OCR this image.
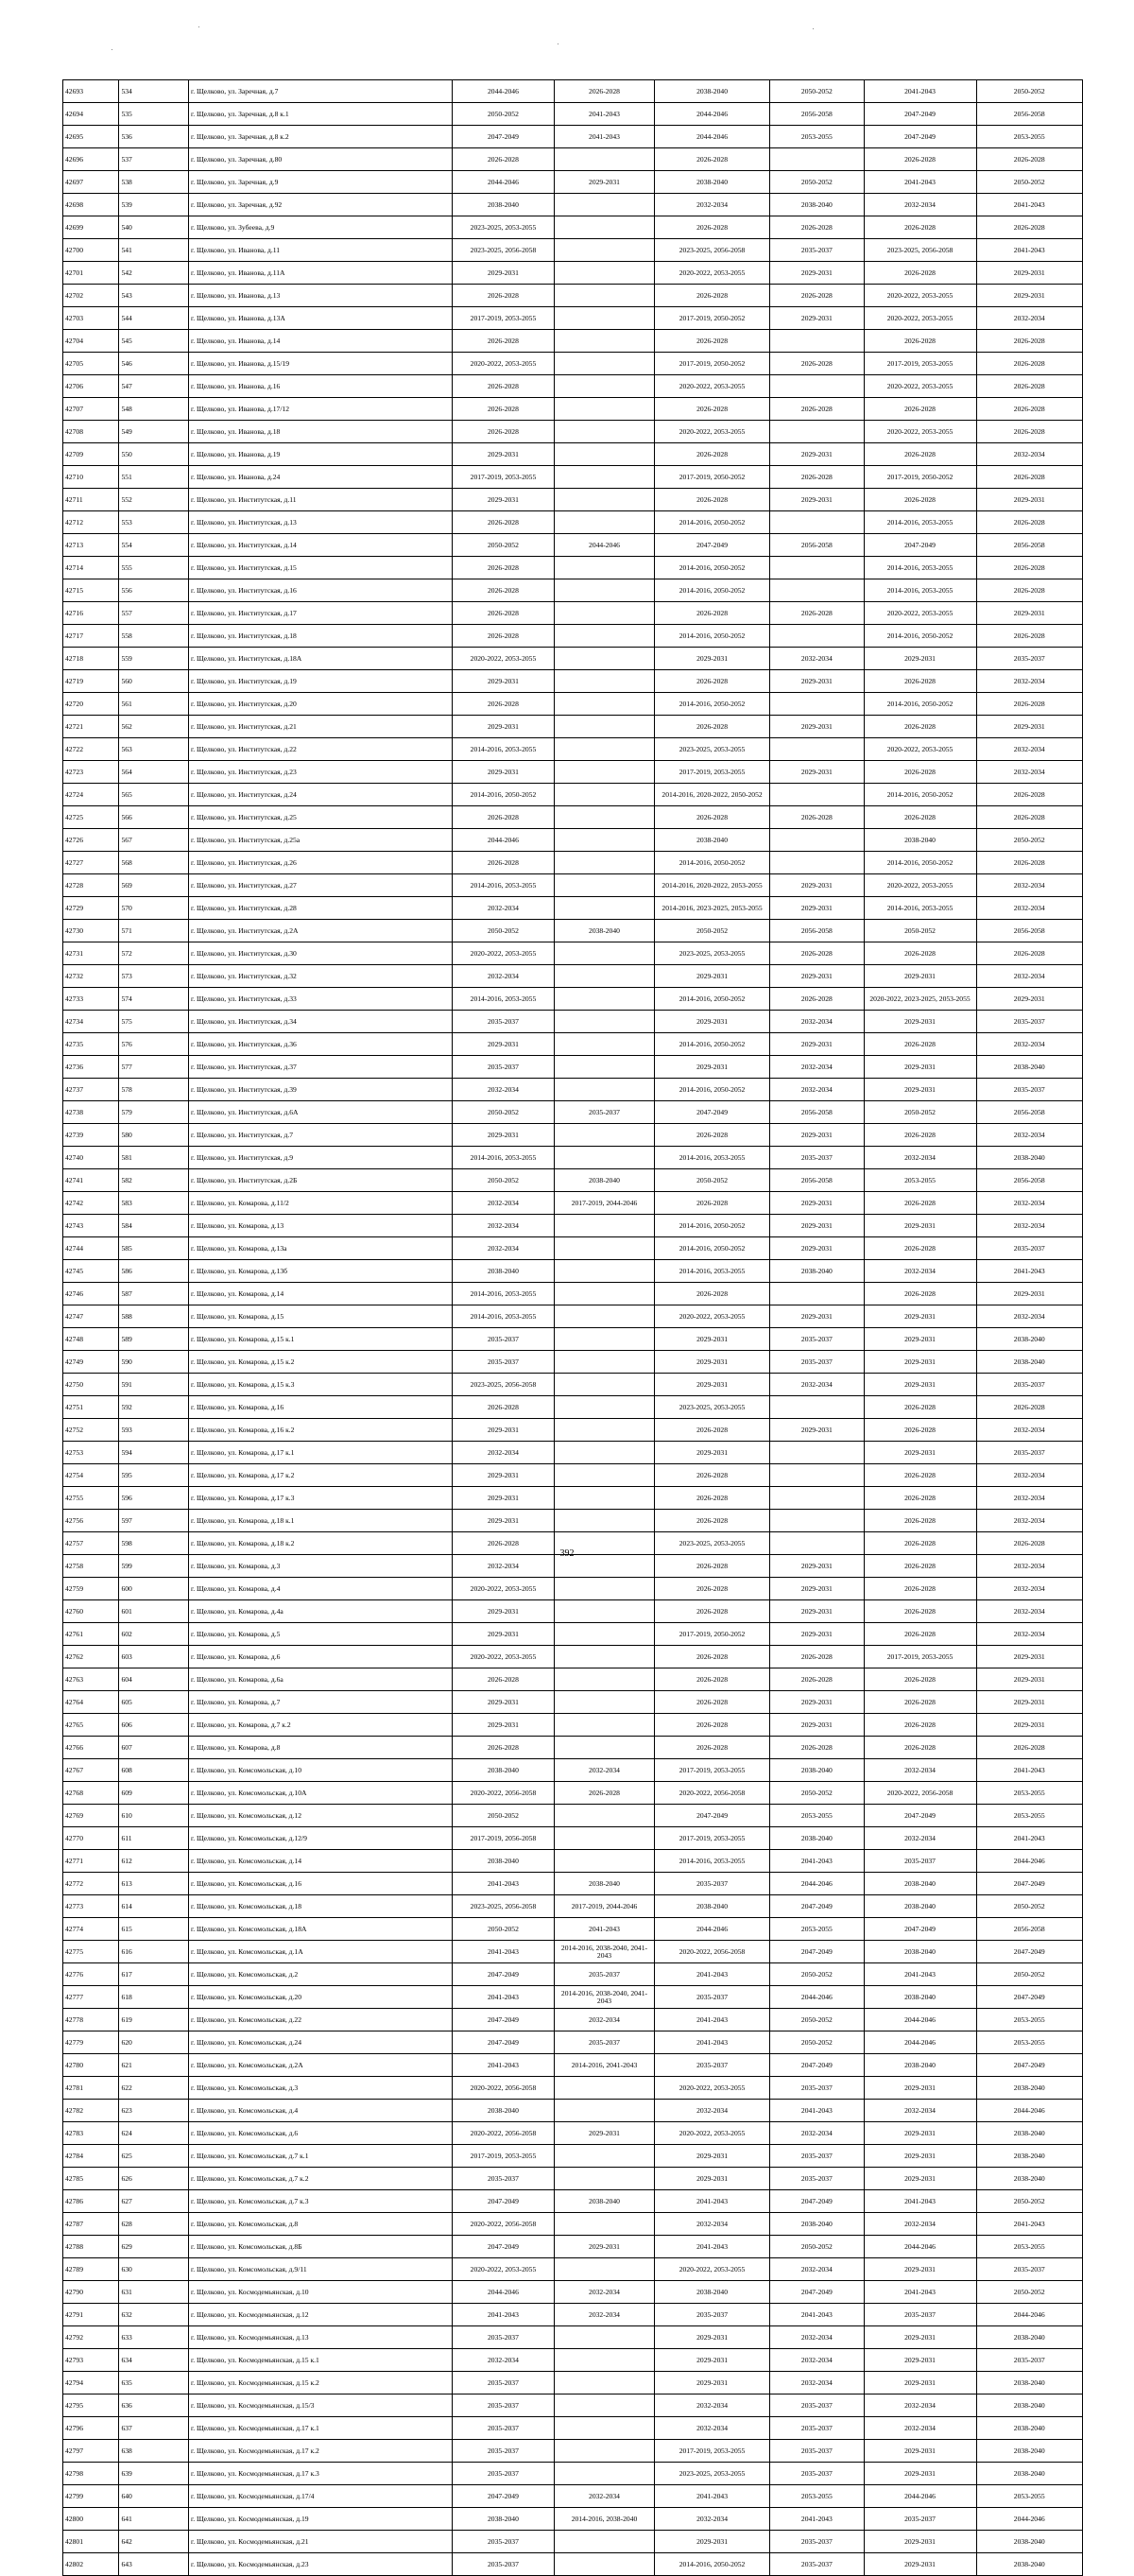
42693	534	г. Щелково, ул. Заречная, д.7	2044-2046	2026-2028	2038-2040	2050-2052	2041-2043	2050-2052
42694	535	г. Щелково, ул. Заречная, д.8 к.1	2050-2052	2041-2043	2044-2046	2056-2058	2047-2049	2056-2058
42695	536	г. Щелково, ул. Заречная, д.8 к.2	2047-2049	2041-2043	2044-2046	2053-2055	2047-2049	2053-2055
42696	537	г. Щелково, ул. Заречная, д.80	2026-2028		2026-2028		2026-2028	2026-2028
42697	538	г. Щелково, ул. Заречная, д.9	2044-2046	2029-2031	2038-2040	2050-2052	2041-2043	2050-2052
42698	539	г. Щелково, ул. Заречная, д.92	2038-2040		2032-2034	2038-2040	2032-2034	2041-2043
42699	540	г. Щелково, ул. Зубеева, д.9	2023-2025, 2053-2055		2026-2028	2026-2028	2026-2028	2026-2028
42700	541	г. Щелково, ул. Иванова, д.11	2023-2025, 2056-2058		2023-2025, 2056-2058	2035-2037	2023-2025, 2056-2058	2041-2043
42701	542	г. Щелково, ул. Иванова, д.11А	2029-2031		2020-2022, 2053-2055	2029-2031	2026-2028	2029-2031
42702	543	г. Щелково, ул. Иванова, д.13	2026-2028		2026-2028	2026-2028	2020-2022, 2053-2055	2029-2031
42703	544	г. Щелково, ул. Иванова, д.13А	2017-2019, 2053-2055		2017-2019, 2050-2052	2029-2031	2020-2022, 2053-2055	2032-2034
42704	545	г. Щелково, ул. Иванова, д.14	2026-2028		2026-2028		2026-2028	2026-2028
42705	546	г. Щелково, ул. Иванова, д.15/19	2020-2022, 2053-2055		2017-2019, 2050-2052	2026-2028	2017-2019, 2053-2055	2026-2028
42706	547	г. Щелково, ул. Иванова, д.16	2026-2028		2020-2022, 2053-2055		2020-2022, 2053-2055	2026-2028
42707	548	г. Щелково, ул. Иванова, д.17/12	2026-2028		2026-2028	2026-2028	2026-2028	2026-2028
42708	549	г. Щелково, ул. Иванова, д.18	2026-2028		2020-2022, 2053-2055		2020-2022, 2053-2055	2026-2028
42709	550	г. Щелково, ул. Иванова, д.19	2029-2031		2026-2028	2029-2031	2026-2028	2032-2034
42710	551	г. Щелково, ул. Иванова, д.24	2017-2019, 2053-2055		2017-2019, 2050-2052	2026-2028	2017-2019, 2050-2052	2026-2028
42711	552	г. Щелково, ул. Институтская, д.11	2029-2031		2026-2028	2029-2031	2026-2028	2029-2031
42712	553	г. Щелково, ул. Институтская, д.13	2026-2028		2014-2016, 2050-2052		2014-2016, 2053-2055	2026-2028
42713	554	г. Щелково, ул. Институтская, д.14	2050-2052	2044-2046	2047-2049	2056-2058	2047-2049	2056-2058
42714	555	г. Щелково, ул. Институтская, д.15	2026-2028		2014-2016, 2050-2052		2014-2016, 2053-2055	2026-2028
42715	556	г. Щелково, ул. Институтская, д.16	2026-2028		2014-2016, 2050-2052		2014-2016, 2053-2055	2026-2028
42716	557	г. Щелково, ул. Институтская, д.17	2026-2028		2026-2028	2026-2028	2020-2022, 2053-2055	2029-2031
42717	558	г. Щелково, ул. Институтская, д.18	2026-2028		2014-2016, 2050-2052		2014-2016, 2050-2052	2026-2028
42718	559	г. Щелково, ул. Институтская, д.18А	2020-2022, 2053-2055		2029-2031	2032-2034	2029-2031	2035-2037
42719	560	г. Щелково, ул. Институтская, д.19	2029-2031		2026-2028	2029-2031	2026-2028	2032-2034
42720	561	г. Щелково, ул. Институтская, д.20	2026-2028		2014-2016, 2050-2052		2014-2016, 2050-2052	2026-2028
42721	562	г. Щелково, ул. Институтская, д.21	2029-2031		2026-2028	2029-2031	2026-2028	2029-2031
42722	563	г. Щелково, ул. Институтская, д.22	2014-2016, 2053-2055		2023-2025, 2053-2055		2020-2022, 2053-2055	2032-2034
42723	564	г. Щелково, ул. Институтская, д.23	2029-2031		2017-2019, 2053-2055	2029-2031	2026-2028	2032-2034
42724	565	г. Щелково, ул. Институтская, д.24	2014-2016, 2050-2052		2014-2016, 2020-2022, 2050-2052		2014-2016, 2050-2052	2026-2028
42725	566	г. Щелково, ул. Институтская, д.25	2026-2028		2026-2028	2026-2028	2026-2028	2026-2028
42726	567	г. Щелково, ул. Институтская, д.25а	2044-2046		2038-2040		2038-2040	2050-2052
42727	568	г. Щелково, ул. Институтская, д.26	2026-2028		2014-2016, 2050-2052		2014-2016, 2050-2052	2026-2028
42728	569	г. Щелково, ул. Институтская, д.27	2014-2016, 2053-2055		2014-2016, 2020-2022, 2053-2055	2029-2031	2020-2022, 2053-2055	2032-2034
42729	570	г. Щелково, ул. Институтская, д.28	2032-2034		2014-2016, 2023-2025, 2053-2055	2029-2031	2014-2016, 2053-2055	2032-2034
42730	571	г. Щелково, ул. Институтская, д.2А	2050-2052	2038-2040	2050-2052	2056-2058	2050-2052	2056-2058
42731	572	г. Щелково, ул. Институтская, д.30	2020-2022, 2053-2055		2023-2025, 2053-2055	2026-2028	2026-2028	2026-2028
42732	573	г. Щелково, ул. Институтская, д.32	2032-2034		2029-2031	2029-2031	2029-2031	2032-2034
42733	574	г. Щелково, ул. Институтская, д.33	2014-2016, 2053-2055		2014-2016, 2050-2052	2026-2028	2020-2022, 2023-2025, 2053-2055	2029-2031
42734	575	г. Щелково, ул. Институтская, д.34	2035-2037		2029-2031	2032-2034	2029-2031	2035-2037
42735	576	г. Щелково, ул. Институтская, д.36	2029-2031		2014-2016, 2050-2052	2029-2031	2026-2028	2032-2034
42736	577	г. Щелково, ул. Институтская, д.37	2035-2037		2029-2031	2032-2034	2029-2031	2038-2040
42737	578	г. Щелково, ул. Институтская, д.39	2032-2034		2014-2016, 2050-2052	2032-2034	2029-2031	2035-2037
42738	579	г. Щелково, ул. Институтская, д.6А	2050-2052	2035-2037	2047-2049	2056-2058	2050-2052	2056-2058
42739	580	г. Щелково, ул. Институтская, д.7	2029-2031		2026-2028	2029-2031	2026-2028	2032-2034
42740	581	г. Щелково, ул. Институтская, д.9	2014-2016, 2053-2055		2014-2016, 2053-2055	2035-2037	2032-2034	2038-2040
42741	582	г. Щелково, ул. Институтская, д.2Б	2050-2052	2038-2040	2050-2052	2056-2058	2053-2055	2056-2058
42742	583	г. Щелково, ул. Комарова, д.11/2	2032-2034	2017-2019, 2044-2046	2026-2028	2029-2031	2026-2028	2032-2034
42743	584	г. Щелково, ул. Комарова, д.13	2032-2034		2014-2016, 2050-2052	2029-2031	2029-2031	2032-2034
42744	585	г. Щелково, ул. Комарова, д.13а	2032-2034		2014-2016, 2050-2052	2029-2031	2026-2028	2035-2037
42745	586	г. Щелково, ул. Комарова, д.13б	2038-2040		2014-2016, 2053-2055	2038-2040	2032-2034	2041-2043
42746	587	г. Щелково, ул. Комарова, д.14	2014-2016, 2053-2055		2026-2028		2026-2028	2029-2031
42747	588	г. Щелково, ул. Комарова, д.15	2014-2016, 2053-2055		2020-2022, 2053-2055	2029-2031	2029-2031	2032-2034
42748	589	г. Щелково, ул. Комарова, д.15 к.1	2035-2037		2029-2031	2035-2037	2029-2031	2038-2040
42749	590	г. Щелково, ул. Комарова, д.15 к.2	2035-2037		2029-2031	2035-2037	2029-2031	2038-2040
42750	591	г. Щелково, ул. Комарова, д.15 к.3	2023-2025, 2056-2058		2029-2031	2032-2034	2029-2031	2035-2037
42751	592	г. Щелково, ул. Комарова, д.16	2026-2028		2023-2025, 2053-2055		2026-2028	2026-2028
42752	593	г. Щелково, ул. Комарова, д.16 к.2	2029-2031		2026-2028	2029-2031	2026-2028	2032-2034
42753	594	г. Щелково, ул. Комарова, д.17 к.1	2032-2034		2029-2031		2029-2031	2035-2037
42754	595	г. Щелково, ул. Комарова, д.17 к.2	2029-2031		2026-2028		2026-2028	2032-2034
42755	596	г. Щелково, ул. Комарова, д.17 к.3	2029-2031		2026-2028		2026-2028	2032-2034
42756	597	г. Щелково, ул. Комарова, д.18 к.1	2029-2031		2026-2028		2026-2028	2032-2034
42757	598	г. Щелково, ул. Комарова, д.18 к.2	2026-2028		2023-2025, 2053-2055		2026-2028	2026-2028
42758	599	г. Щелково, ул. Комарова, д.3	2032-2034		2026-2028	2029-2031	2026-2028	2032-2034
42759	600	г. Щелково, ул. Комарова, д.4	2020-2022, 2053-2055		2026-2028	2029-2031	2026-2028	2032-2034
42760	601	г. Щелково, ул. Комарова, д.4а	2029-2031		2026-2028	2029-2031	2026-2028	2032-2034
42761	602	г. Щелково, ул. Комарова, д.5	2029-2031		2017-2019, 2050-2052	2029-2031	2026-2028	2032-2034
42762	603	г. Щелково, ул. Комарова, д.6	2020-2022, 2053-2055		2026-2028	2026-2028	2017-2019, 2053-2055	2029-2031
42763	604	г. Щелково, ул. Комарова, д.6а	2026-2028		2026-2028	2026-2028	2026-2028	2029-2031
42764	605	г. Щелково, ул. Комарова, д.7	2029-2031		2026-2028	2029-2031	2026-2028	2029-2031
42765	606	г. Щелково, ул. Комарова, д.7 к.2	2029-2031		2026-2028	2029-2031	2026-2028	2029-2031
42766	607	г. Щелково, ул. Комарова, д.8	2026-2028		2026-2028	2026-2028	2026-2028	2026-2028
42767	608	г. Щелково, ул. Комсомольская, д.10	2038-2040	2032-2034	2017-2019, 2053-2055	2038-2040	2032-2034	2041-2043
42768	609	г. Щелково, ул. Комсомольская, д.10А	2020-2022, 2056-2058	2026-2028	2020-2022, 2056-2058	2050-2052	2020-2022, 2056-2058	2053-2055
42769	610	г. Щелково, ул. Комсомольская, д.12	2050-2052		2047-2049	2053-2055	2047-2049	2053-2055
42770	611	г. Щелково, ул. Комсомольская, д.12/9	2017-2019, 2056-2058		2017-2019, 2053-2055	2038-2040	2032-2034	2041-2043
42771	612	г. Щелково, ул. Комсомольская, д.14	2038-2040		2014-2016, 2053-2055	2041-2043	2035-2037	2044-2046
42772	613	г. Щелково, ул. Комсомольская, д.16	2041-2043	2038-2040	2035-2037	2044-2046	2038-2040	2047-2049
42773	614	г. Щелково, ул. Комсомольская, д.18	2023-2025, 2056-2058	2017-2019, 2044-2046	2038-2040	2047-2049	2038-2040	2050-2052
42774	615	г. Щелково, ул. Комсомольская, д.18А	2050-2052	2041-2043	2044-2046	2053-2055	2047-2049	2056-2058
42775	616	г. Щелково, ул. Комсомольская, д.1А	2041-2043	2014-2016, 2038-2040, 2041-2043	2020-2022, 2056-2058	2047-2049	2038-2040	2047-2049
42776	617	г. Щелково, ул. Комсомольская, д.2	2047-2049	2035-2037	2041-2043	2050-2052	2041-2043	2050-2052
42777	618	г. Щелково, ул. Комсомольская, д.20	2041-2043	2014-2016, 2038-2040, 2041-2043	2035-2037	2044-2046	2038-2040	2047-2049
42778	619	г. Щелково, ул. Комсомольская, д.22	2047-2049	2032-2034	2041-2043	2050-2052	2044-2046	2053-2055
42779	620	г. Щелково, ул. Комсомольская, д.24	2047-2049	2035-2037	2041-2043	2050-2052	2044-2046	2053-2055
42780	621	г. Щелково, ул. Комсомольская, д.2А	2041-2043	2014-2016, 2041-2043	2035-2037	2047-2049	2038-2040	2047-2049
42781	622	г. Щелково, ул. Комсомольская, д.3	2020-2022, 2056-2058		2020-2022, 2053-2055	2035-2037	2029-2031	2038-2040
42782	623	г. Щелково, ул. Комсомольская, д.4	2038-2040		2032-2034	2041-2043	2032-2034	2044-2046
42783	624	г. Щелково, ул. Комсомольская, д.6	2020-2022, 2056-2058	2029-2031	2020-2022, 2053-2055	2032-2034	2029-2031	2038-2040
42784	625	г. Щелково, ул. Комсомольская, д.7 к.1	2017-2019, 2053-2055		2029-2031	2035-2037	2029-2031	2038-2040
42785	626	г. Щелково, ул. Комсомольская, д.7 к.2	2035-2037		2029-2031	2035-2037	2029-2031	2038-2040
42786	627	г. Щелково, ул. Комсомольская, д.7 к.3	2047-2049	2038-2040	2041-2043	2047-2049	2041-2043	2050-2052
42787	628	г. Щелково, ул. Комсомольская, д.8	2020-2022, 2056-2058		2032-2034	2038-2040	2032-2034	2041-2043
42788	629	г. Щелково, ул. Комсомольская, д.8Б	2047-2049	2029-2031	2041-2043	2050-2052	2044-2046	2053-2055
42789	630	г. Щелково, ул. Комсомольская, д.9/11	2020-2022, 2053-2055		2020-2022, 2053-2055	2032-2034	2029-2031	2035-2037
42790	631	г. Щелково, ул. Космодемьянская, д.10	2044-2046	2032-2034	2038-2040	2047-2049	2041-2043	2050-2052
42791	632	г. Щелково, ул. Космодемьянская, д.12	2041-2043	2032-2034	2035-2037	2041-2043	2035-2037	2044-2046
42792	633	г. Щелково, ул. Космодемьянская, д.13	2035-2037		2029-2031	2032-2034	2029-2031	2038-2040
42793	634	г. Щелково, ул. Космодемьянская, д.15 к.1	2032-2034		2029-2031	2032-2034	2029-2031	2035-2037
42794	635	г. Щелково, ул. Космодемьянская, д.15 к.2	2035-2037		2029-2031	2032-2034	2029-2031	2038-2040
42795	636	г. Щелково, ул. Космодемьянская, д.15/3	2035-2037		2032-2034	2035-2037	2032-2034	2038-2040
42796	637	г. Щелково, ул. Космодемьянская, д.17 к.1	2035-2037		2032-2034	2035-2037	2032-2034	2038-2040
42797	638	г. Щелково, ул. Космодемьянская, д.17 к.2	2035-2037		2017-2019, 2053-2055	2035-2037	2029-2031	2038-2040
42798	639	г. Щелково, ул. Космодемьянская, д.17 к.3	2035-2037		2023-2025, 2053-2055	2035-2037	2029-2031	2038-2040
42799	640	г. Щелково, ул. Космодемьянская, д.17/4	2047-2049	2032-2034	2041-2043	2053-2055	2044-2046	2053-2055
42800	641	г. Щелково, ул. Космодемьянская, д.19	2038-2040	2014-2016, 2038-2040	2032-2034	2041-2043	2035-2037	2044-2046
42801	642	г. Щелково, ул. Космодемьянская, д.21	2035-2037		2029-2031	2035-2037	2029-2031	2038-2040
42802	643	г. Щелково, ул. Космодемьянская, д.23	2035-2037		2014-2016, 2050-2052	2035-2037	2029-2031	2038-2040
392
